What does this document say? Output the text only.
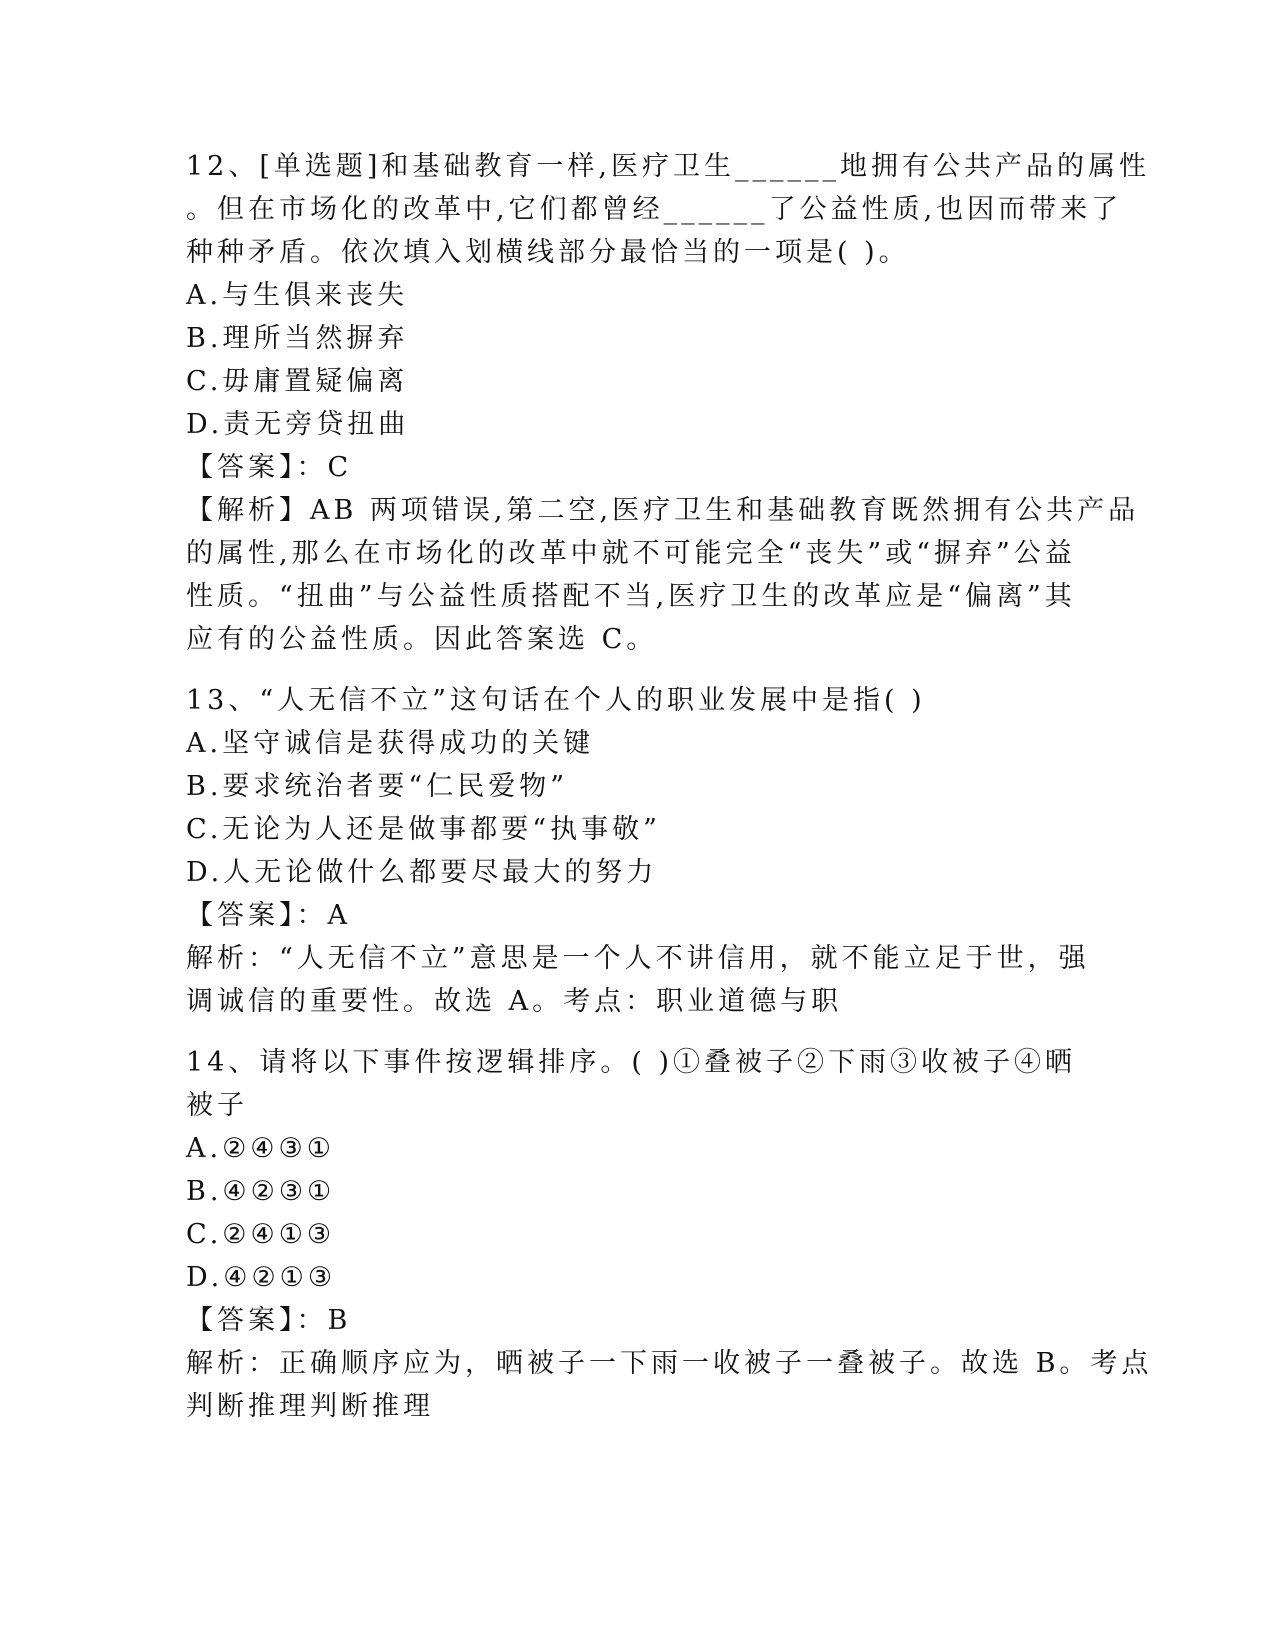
12、[单选题]和基础教育一样,医疗卫生______地拥有公共产品的属性
。但在市场化的改革中,它们都曾经______了公益性质,也因而带来了
种种矛盾。依次填入划横线部分最恰当的一项是( )。
A.与生俱来丧失
B.理所当然摒弃
C.毋庸置疑偏离
D.责无旁贷扭曲
【答案】：C
【解析】AB 两项错误,第二空,医疗卫生和基础教育既然拥有公共产品
的属性,那么在市场化的改革中就不可能完全“丧失”或“摒弃”公益
性质。“扭曲”与公益性质搭配不当,医疗卫生的改革应是“偏离”其
应有的公益性质。因此答案选 C。
13、“人无信不立”这句话在个人的职业发展中是指( )
A.坚守诚信是获得成功的关键
B.要求统治者要“仁民爱物”
C.无论为人还是做事都要“执事敬”
D.人无论做什么都要尽最大的努力
【答案】：A
解析：“人无信不立”意思是一个人不讲信用，就不能立足于世，强
调诚信的重要性。故选 A。考点：职业道德与职
14、请将以下事件按逻辑排序。( )①叠被子②下雨③收被子④晒
被子
A.②④③①
B.④②③①
C.②④①③
D.④②①③
【答案】：B
解析：正确顺序应为，晒被子一下雨一收被子一叠被子。故选 B。考点
判断推理判断推理
